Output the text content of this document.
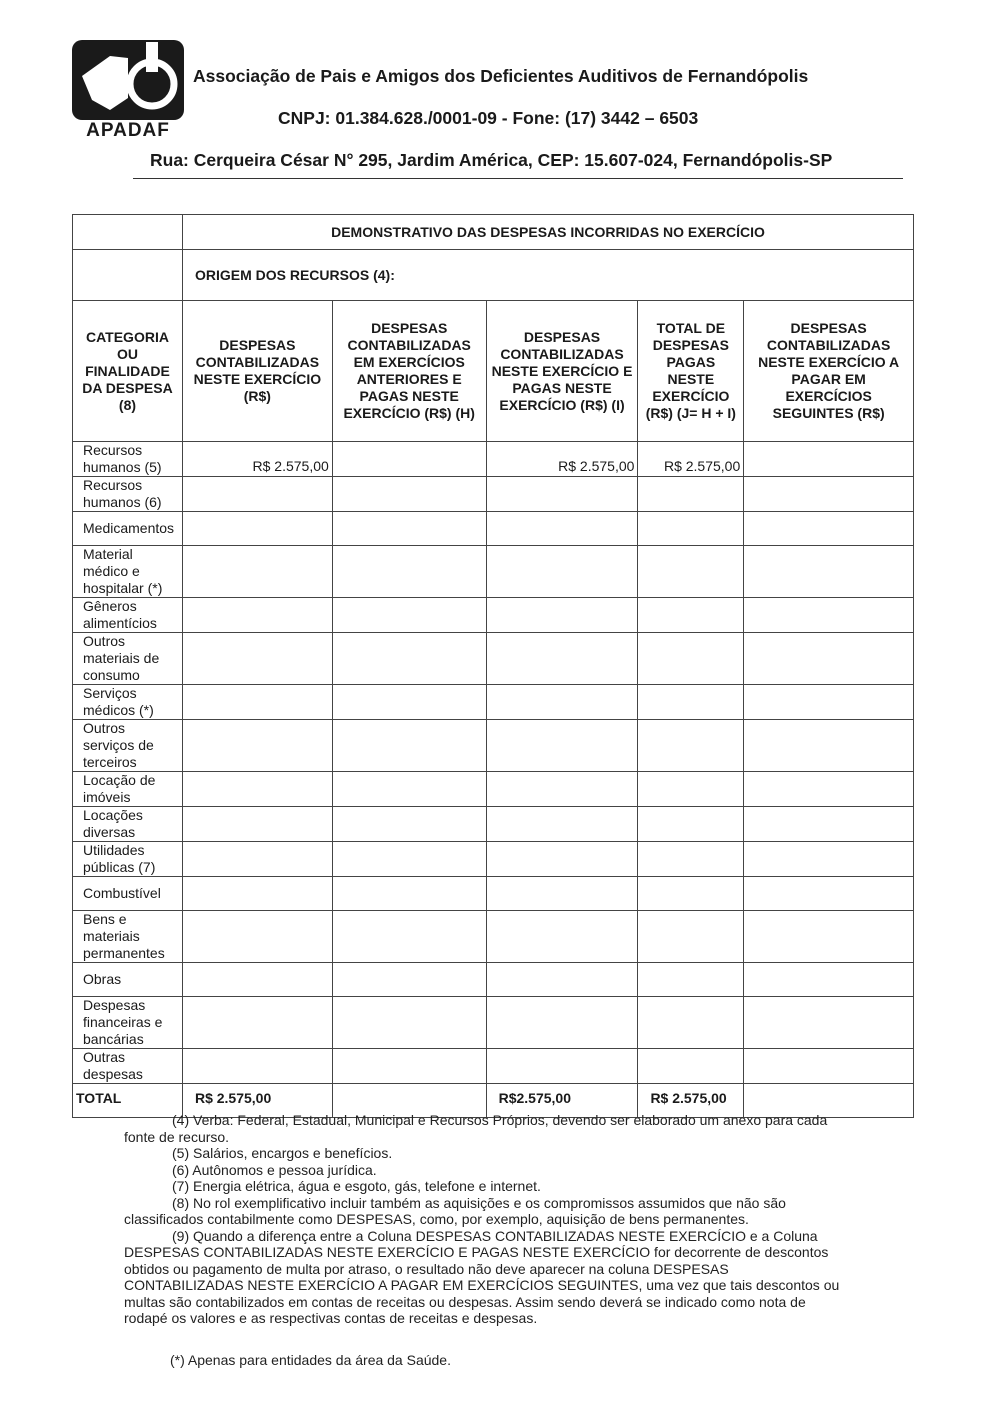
APADAF
Associação de Pais e Amigos dos Deficientes Auditivos de Fernandópolis
CNPJ: 01.384.628./0001-09 - Fone: (17) 3442 – 6503
Rua: Cerqueira César N° 295, Jardim América, CEP: 15.607-024, Fernandópolis-SP
	DEMONSTRATIVO DAS DESPESAS INCORRIDAS NO EXERCÍCIO				
	ORIGEM DOS RECURSOS (4):				
CATEGORIA OU FINALIDADE DA DESPESA (8)	DESPESAS CONTABILIZADAS NESTE EXERCÍCIO (R$)	DESPESAS CONTABILIZADAS EM EXERCÍCIOS ANTERIORES E PAGAS NESTE EXERCÍCIO (R$) (H)	DESPESAS CONTABILIZADAS NESTE EXERCÍCIO E PAGAS NESTE EXERCÍCIO (R$) (I)	TOTAL DE DESPESAS PAGAS NESTE EXERCÍCIO (R$) (J= H + I)	DESPESAS CONTABILIZADAS NESTE EXERCÍCIO A PAGAR EM EXERCÍCIOS SEGUINTES (R$)
Recursos humanos (5)	R$ 2.575,00		R$ 2.575,00	R$ 2.575,00	
Recursos humanos (6)					
Medicamentos					
Material médico e hospitalar (*)					
Gêneros alimentícios					
Outros materiais de consumo					
Serviços médicos (*)					
Outros serviços de terceiros					
Locação de imóveis					
Locações diversas					
Utilidades públicas (7)					
Combustível					
Bens e materiais permanentes					
Obras					
Despesas financeiras e bancárias					
Outras despesas					
TOTAL	R$ 2.575,00		R$2.575,00	R$ 2.575,00	

(4) Verba: Federal, Estadual, Municipal e Recursos Próprios, devendo ser elaborado um anexo para cada fonte de recurso.

(5) Salários, encargos e benefícios.

(6) Autônomos e pessoa jurídica.

(7) Energia elétrica, água e esgoto, gás, telefone e internet.

(8) No rol exemplificativo incluir também as aquisições e os compromissos assumidos que não são classificados contabilmente como DESPESAS, como, por exemplo, aquisição de bens permanentes.

(9) Quando a diferença entre a Coluna DESPESAS CONTABILIZADAS NESTE EXERCÍCIO e a Coluna DESPESAS CONTABILIZADAS NESTE EXERCÍCIO E PAGAS NESTE EXERCÍCIO for decorrente de descontos obtidos ou pagamento de multa por atraso, o resultado não deve aparecer na coluna DESPESAS CONTABILIZADAS NESTE EXERCÍCIO A PAGAR EM EXERCÍCIOS SEGUINTES, uma vez que tais descontos ou multas são contabilizados em contas de receitas ou despesas. Assim sendo deverá se indicado como nota de rodapé os valores e as respectivas contas de receitas e despesas.

(*) Apenas para entidades da área da Saúde.
